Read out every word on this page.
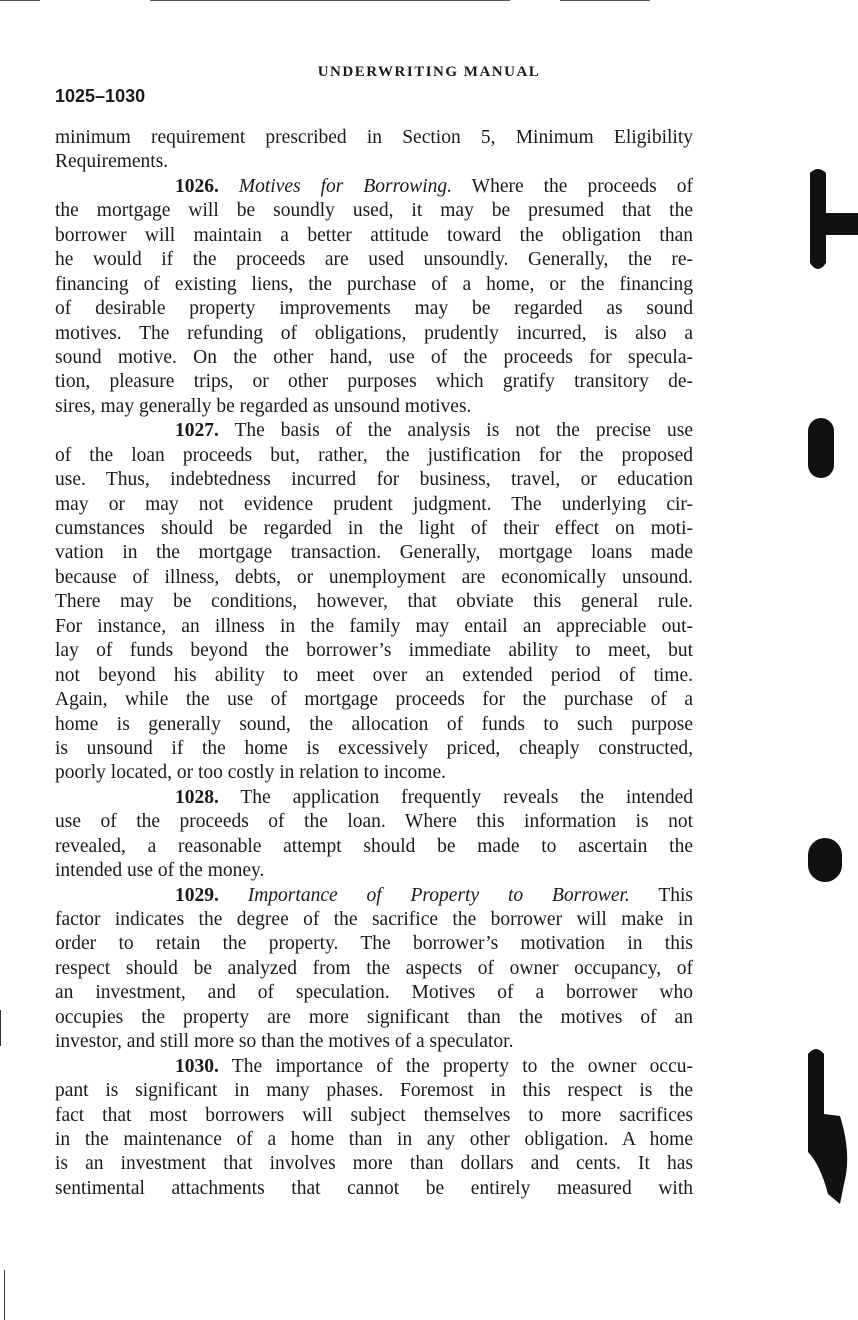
UNDERWRITING MANUAL
1025–1030
minimum requirement prescribed in Section 5, Minimum Eligibility
Requirements.
1026. Motives for Borrowing. Where the proceeds of
the mortgage will be soundly used, it may be presumed that the
borrower will maintain a better attitude toward the obligation than
he would if the proceeds are used unsoundly. Generally, the re-
financing of existing liens, the purchase of a home, or the financing
of desirable property improvements may be regarded as sound
motives. The refunding of obligations, prudently incurred, is also a
sound motive. On the other hand, use of the proceeds for specula-
tion, pleasure trips, or other purposes which gratify transitory de-
sires, may generally be regarded as unsound motives.
1027. The basis of the analysis is not the precise use
of the loan proceeds but, rather, the justification for the proposed
use. Thus, indebtedness incurred for business, travel, or education
may or may not evidence prudent judgment. The underlying cir-
cumstances should be regarded in the light of their effect on moti-
vation in the mortgage transaction. Generally, mortgage loans made
because of illness, debts, or unemployment are economically unsound.
There may be conditions, however, that obviate this general rule.
For instance, an illness in the family may entail an appreciable out-
lay of funds beyond the borrower’s immediate ability to meet, but
not beyond his ability to meet over an extended period of time.
Again, while the use of mortgage proceeds for the purchase of a
home is generally sound, the allocation of funds to such purpose
is unsound if the home is excessively priced, cheaply constructed,
poorly located, or too costly in relation to income.
1028. The application frequently reveals the intended
use of the proceeds of the loan. Where this information is not
revealed, a reasonable attempt should be made to ascertain the
intended use of the money.
1029. Importance of Property to Borrower. This
factor indicates the degree of the sacrifice the borrower will make in
order to retain the property. The borrower’s motivation in this
respect should be analyzed from the aspects of owner occupancy, of
an investment, and of speculation. Motives of a borrower who
occupies the property are more significant than the motives of an
investor, and still more so than the motives of a speculator.
1030. The importance of the property to the owner occu-
pant is significant in many phases. Foremost in this respect is the
fact that most borrowers will subject themselves to more sacrifices
in the maintenance of a home than in any other obligation. A home
is an investment that involves more than dollars and cents. It has
sentimental attachments that cannot be entirely measured with
